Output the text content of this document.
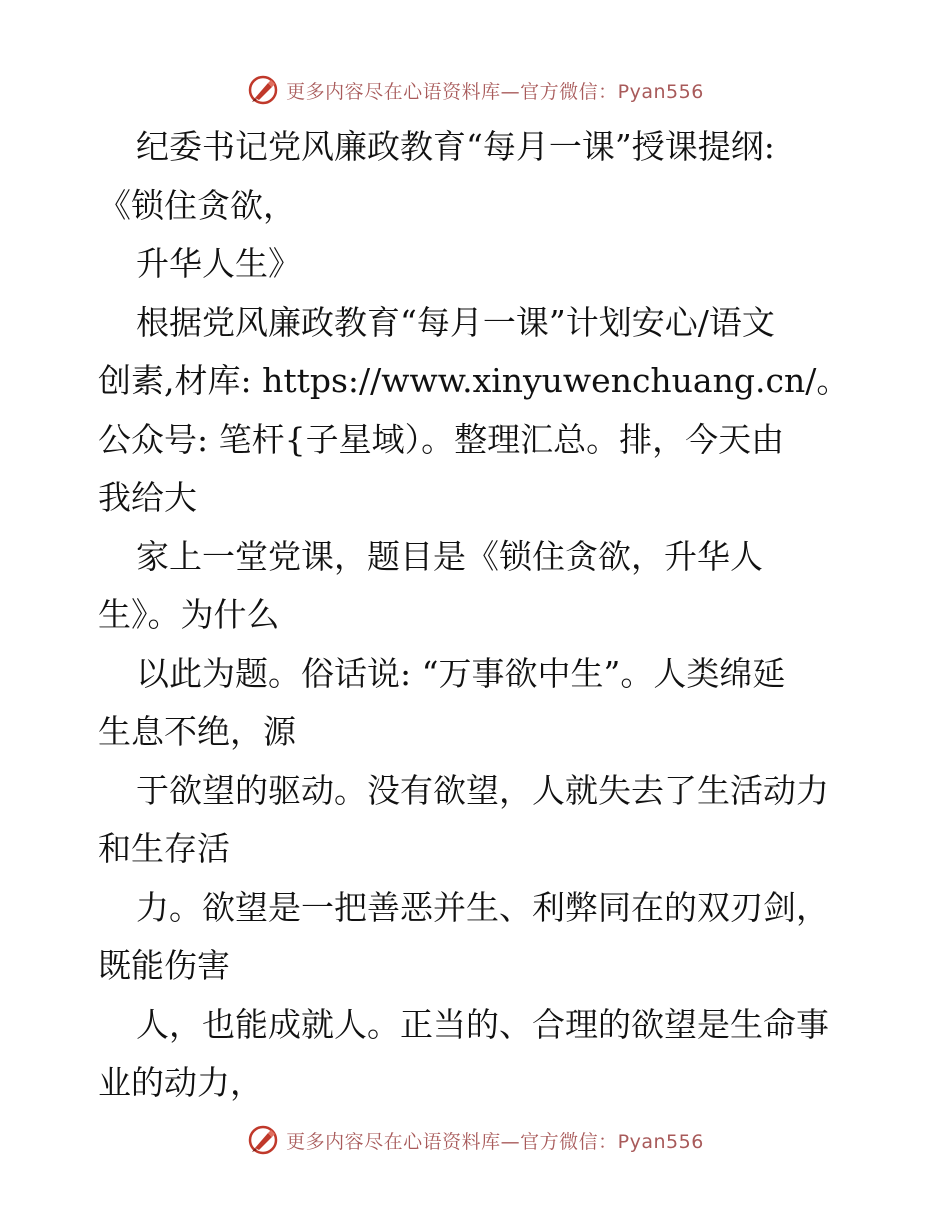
更多内容尽在心语资料库—官方微信：Pyan556
纪委书记党风廉政教育“每月一课”授课提纲:
《锁住贪欲，
升华人生》
根据党风廉政教育“每月一课”计划安心/语文
创素,材库: https://www.xinyuwenchuang.cn/。
公众号: 笔杆{子星域）。整理汇总。排，今天由
我给大
家上一堂党课，题目是《锁住贪欲，升华人
生》。为什么
以此为题。俗话说: “万事欲中生”。人类绵延
生息不绝，源
于欲望的驱动。没有欲望，人就失去了生活动力
和生存活
力。欲望是一把善恶并生、利弊同在的双刃剑，
既能伤害
人，也能成就人。正当的、合理的欲望是生命事
业的动力，
更多内容尽在心语资料库—官方微信：Pyan556
